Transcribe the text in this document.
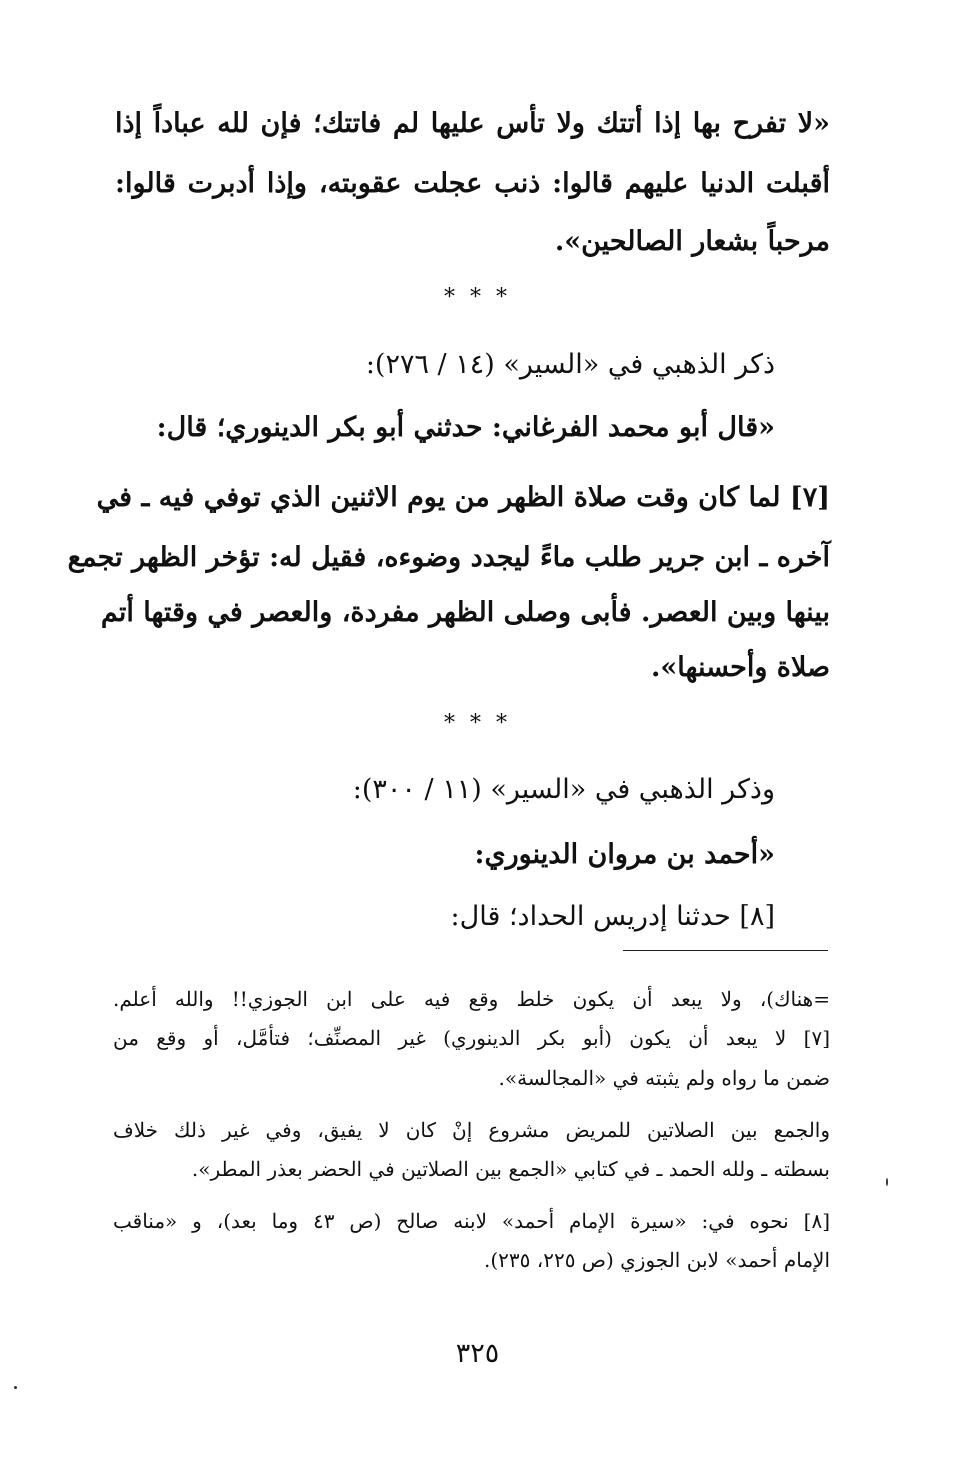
«لا تفرح بها إذا أتتك ولا تأس عليها لم فاتتك؛ فإن لله عباداً إذا
أقبلت الدنيا عليهم قالوا: ذنب عجلت عقوبته، وإذا أدبرت قالوا:
مرحباً بشعار الصالحين».
* * *
ذكر الذهبي في «السير» (١٤ / ٢٧٦):
«قال أبو محمد الفرغاني: حدثني أبو بكر الدينوري؛ قال:
[٧] لما كان وقت صلاة الظهر من يوم الاثنين الذي توفي فيه ـ في
آخره ـ ابن جرير طلب ماءً ليجدد وضوءه، فقيل له: تؤخر الظهر تجمع
بينها وبين العصر. فأبى وصلى الظهر مفردة، والعصر في وقتها أتم
صلاة وأحسنها».
* * *
وذكر الذهبي في «السير» (١١ / ٣٠٠):
«أحمد بن مروان الدينوري:
[٨] حدثنا إدريس الحداد؛ قال:
=هناك)، ولا يبعد أن يكون خلط وقع فيه على ابن الجوزي!! والله أعلم.
[٧] لا يبعد أن يكون (أبو بكر الدينوري) غير المصنِّف؛ فتأمَّل، أو وقع من
ضمن ما رواه ولم يثبته في «المجالسة».
والجمع بين الصلاتين للمريض مشروع إنْ كان لا يفيق، وفي غير ذلك خلاف
بسطته ـ ولله الحمد ـ في كتابي «الجمع بين الصلاتين في الحضر بعذر المطر».
[٨] نحوه في: «سيرة الإمام أحمد» لابنه صالح (ص ٤٣ وما بعد)، و «مناقب
الإمام أحمد» لابن الجوزي (ص ٢٢٥، ٢٣٥).
٣٢٥
